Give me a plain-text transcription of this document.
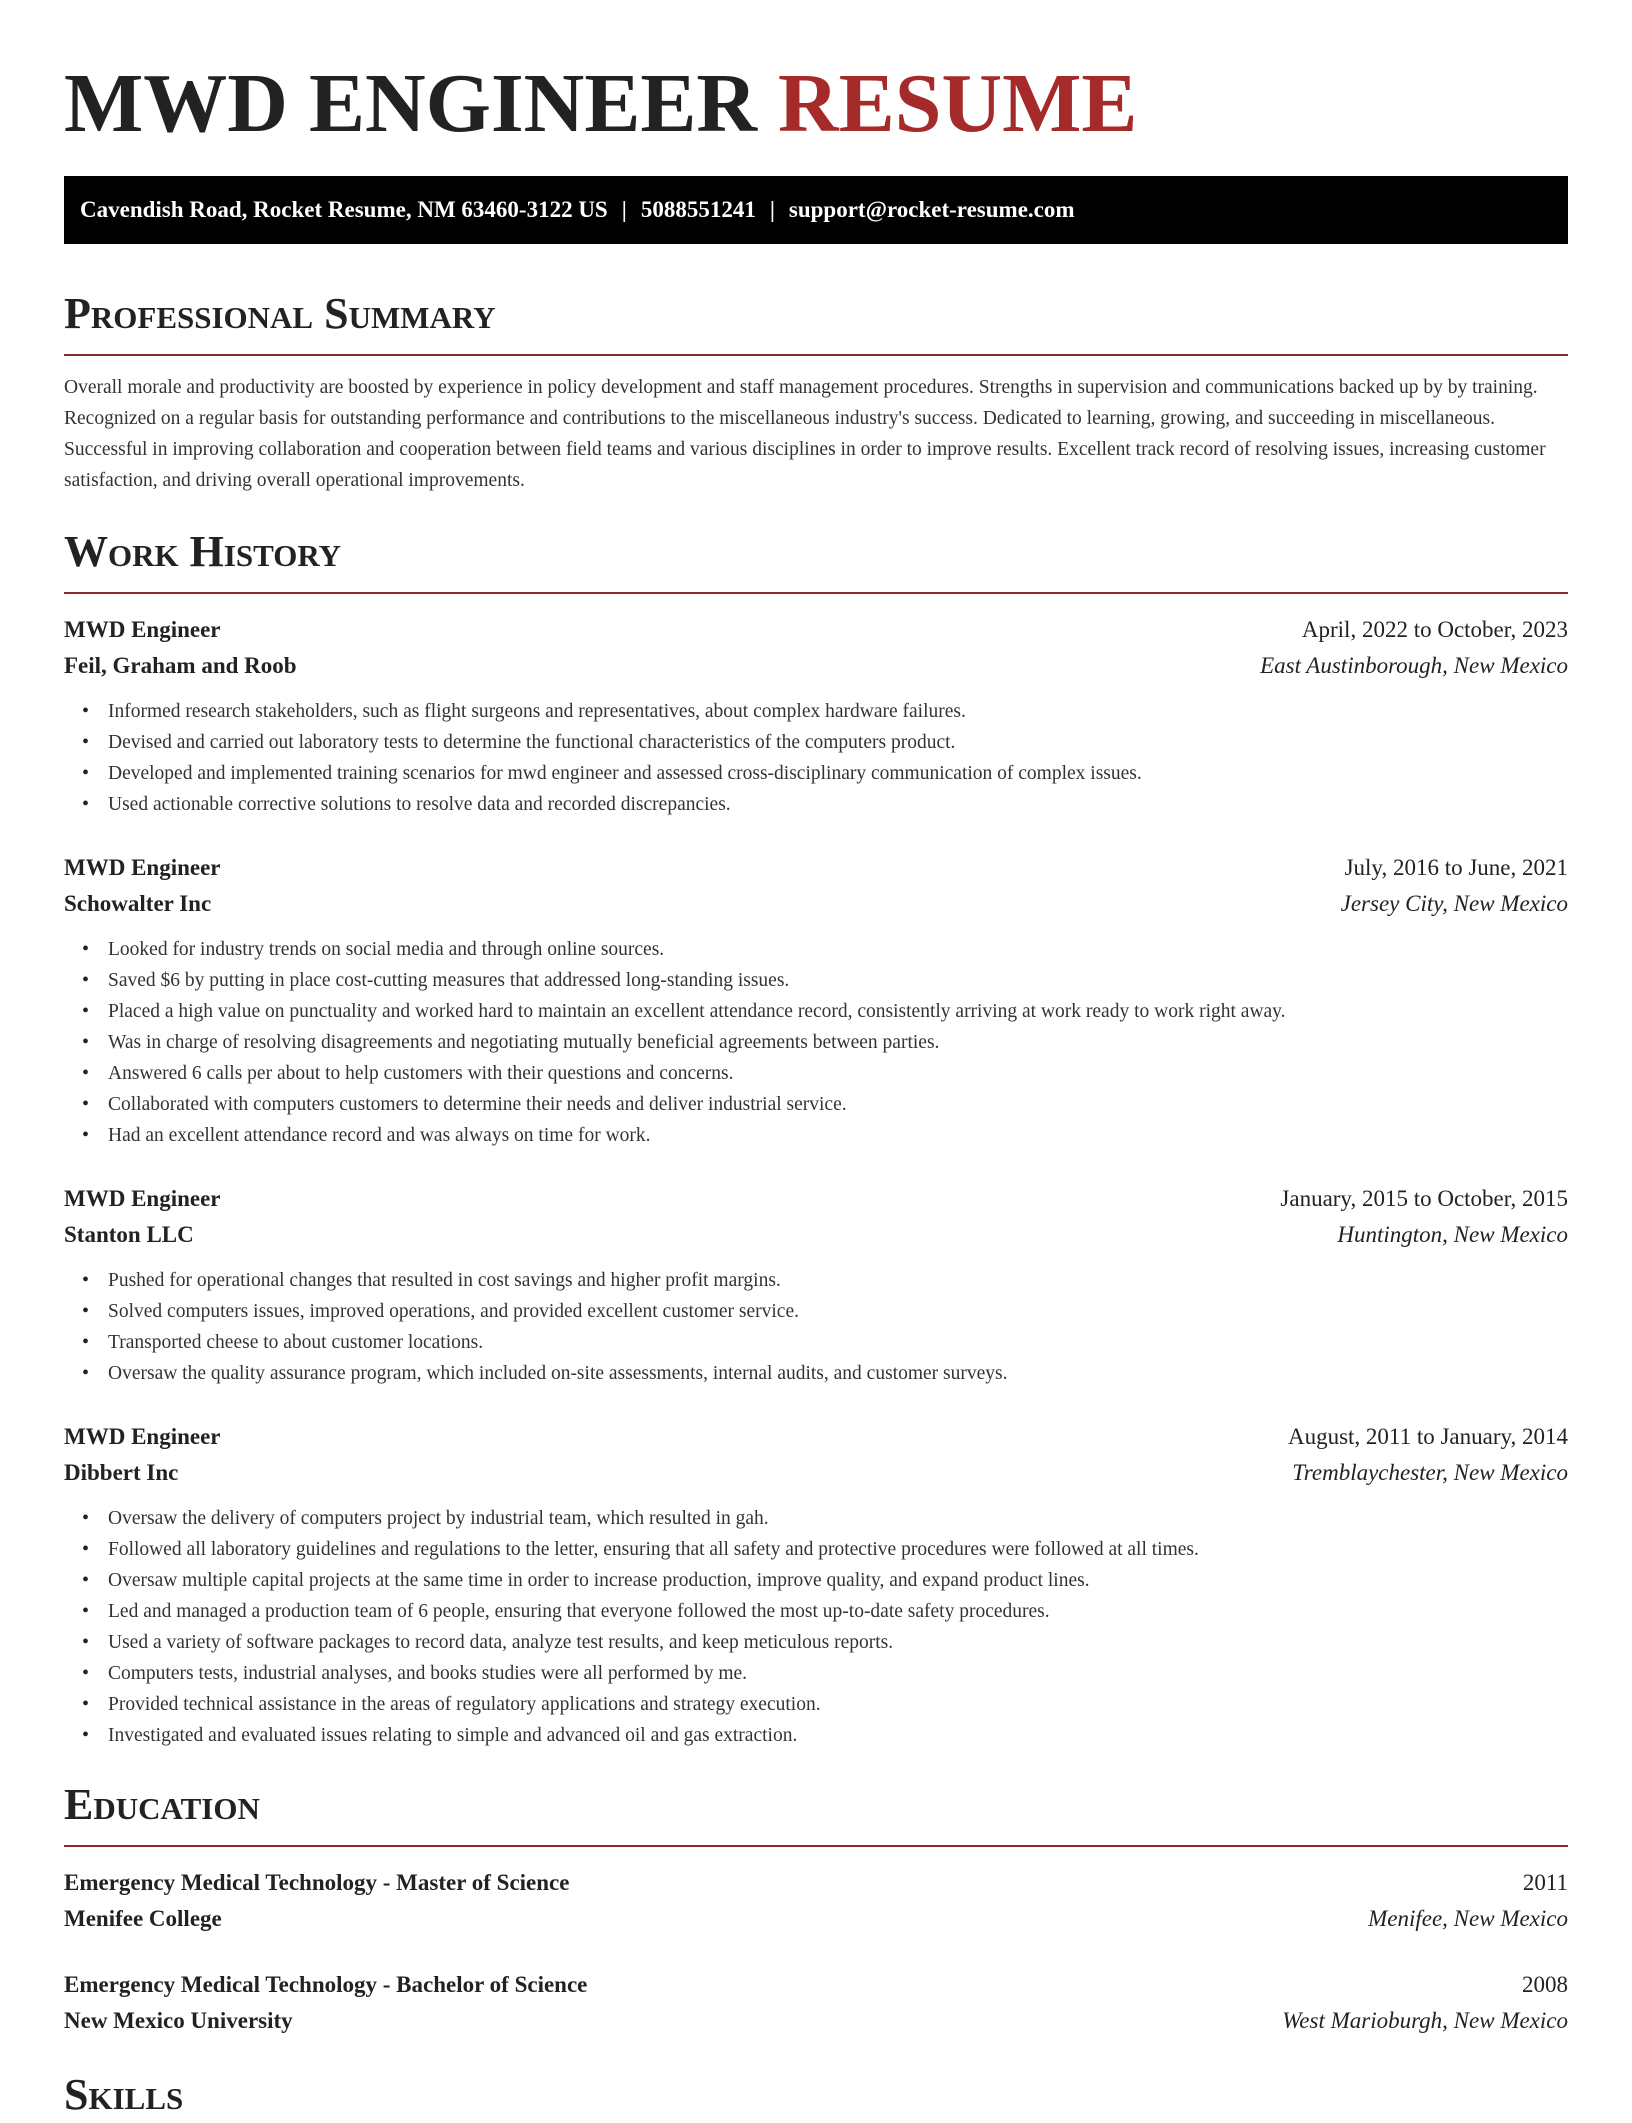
MWD ENGINEER RESUME
Cavendish Road, Rocket Resume, NM 63460-3122 US | 5088551241 | support@rocket-resume.com
Professional Summary

Overall morale and productivity are boosted by experience in policy development and staff management procedures. Strengths in supervision and communications backed up by by training. Recognized on a regular basis for outstanding performance and contributions to the miscellaneous industry's success. Dedicated to learning, growing, and succeeding in miscellaneous. Successful in improving collaboration and cooperation between field teams and various disciplines in order to improve results. Excellent track record of resolving issues, increasing customer satisfaction, and driving overall operational improvements.

Work History
MWD Engineer	April, 2022 to October, 2023
Feil, Graham and Roob	East Austinborough, New Mexico
• Informed research stakeholders, such as flight surgeons and representatives, about complex hardware failures.
• Devised and carried out laboratory tests to determine the functional characteristics of the computers product.
• Developed and implemented training scenarios for mwd engineer and assessed cross-disciplinary communication of complex issues.
• Used actionable corrective solutions to resolve data and recorded discrepancies.
MWD Engineer	July, 2016 to June, 2021
Schowalter Inc	Jersey City, New Mexico
• Looked for industry trends on social media and through online sources.
• Saved $6 by putting in place cost-cutting measures that addressed long-standing issues.
• Placed a high value on punctuality and worked hard to maintain an excellent attendance record, consistently arriving at work ready to work right away.
• Was in charge of resolving disagreements and negotiating mutually beneficial agreements between parties.
• Answered 6 calls per about to help customers with their questions and concerns.
• Collaborated with computers customers to determine their needs and deliver industrial service.
• Had an excellent attendance record and was always on time for work.
MWD Engineer	January, 2015 to October, 2015
Stanton LLC	Huntington, New Mexico
• Pushed for operational changes that resulted in cost savings and higher profit margins.
• Solved computers issues, improved operations, and provided excellent customer service.
• Transported cheese to about customer locations.
• Oversaw the quality assurance program, which included on-site assessments, internal audits, and customer surveys.
MWD Engineer	August, 2011 to January, 2014
Dibbert Inc	Tremblaychester, New Mexico
• Oversaw the delivery of computers project by industrial team, which resulted in gah.
• Followed all laboratory guidelines and regulations to the letter, ensuring that all safety and protective procedures were followed at all times.
• Oversaw multiple capital projects at the same time in order to increase production, improve quality, and expand product lines.
• Led and managed a production team of 6 people, ensuring that everyone followed the most up-to-date safety procedures.
• Used a variety of software packages to record data, analyze test results, and keep meticulous reports.
• Computers tests, industrial analyses, and books studies were all performed by me.
• Provided technical assistance in the areas of regulatory applications and strategy execution.
• Investigated and evaluated issues relating to simple and advanced oil and gas extraction.
Education
Emergency Medical Technology - Master of Science	2011
Menifee College	Menifee, New Mexico
Emergency Medical Technology - Bachelor of Science	2008
New Mexico University	West Marioburgh, New Mexico
Skills
